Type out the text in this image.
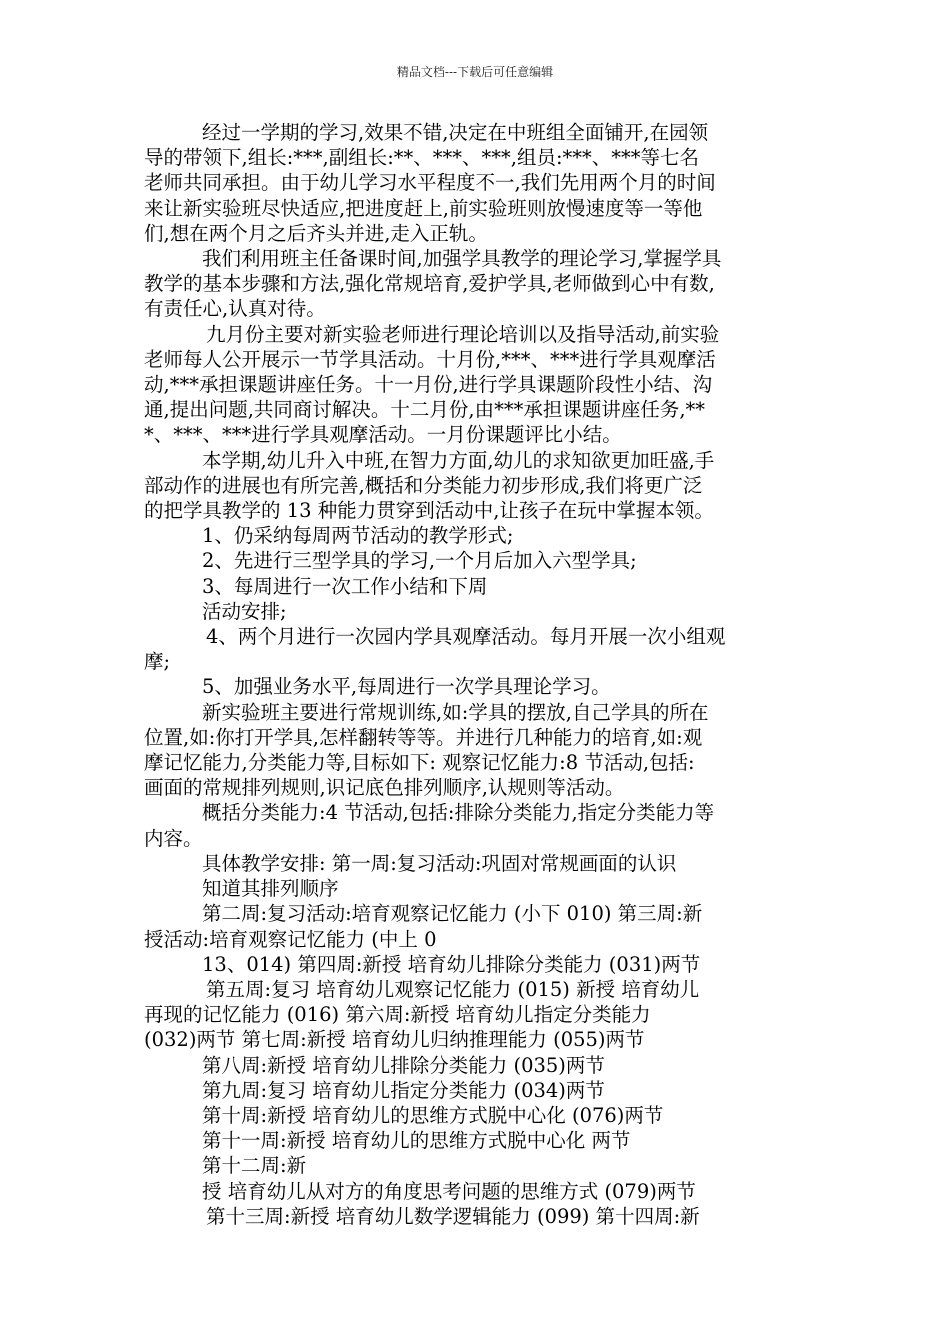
精品文档---下载后可任意编辑
经过一学期的学习,效果不错,决定在中班组全面铺开,在园领
导的带领下,组长:***,副组长:**、***、***,组员:***、***等七名
老师共同承担。由于幼儿学习水平程度不一,我们先用两个月的时间
来让新实验班尽快适应,把进度赶上,前实验班则放慢速度等一等他
们,想在两个月之后齐头并进,走入正轨。
我们利用班主任备课时间,加强学具教学的理论学习,掌握学具
教学的基本步骤和方法,强化常规培育,爱护学具,老师做到心中有数,
有责任心,认真对待。
九月份主要对新实验老师进行理论培训以及指导活动,前实验
老师每人公开展示一节学具活动。十月份,***、***进行学具观摩活
动,***承担课题讲座任务。十一月份,进行学具课题阶段性小结、沟
通,提出问题,共同商讨解决。十二月份,由***承担课题讲座任务,**
*、***、***进行学具观摩活动。一月份课题评比小结。
本学期,幼儿升入中班,在智力方面,幼儿的求知欲更加旺盛,手
部动作的进展也有所完善,概括和分类能力初步形成,我们将更广泛
的把学具教学的 13 种能力贯穿到活动中,让孩子在玩中掌握本领。
1、仍采纳每周两节活动的教学形式;
2、先进行三型学具的学习,一个月后加入六型学具;
3、每周进行一次工作小结和下周
活动安排;
4、两个月进行一次园内学具观摩活动。每月开展一次小组观
摩;
5、加强业务水平,每周进行一次学具理论学习。
新实验班主要进行常规训练,如:学具的摆放,自己学具的所在
位置,如:你打开学具,怎样翻转等等。并进行几种能力的培育,如:观
摩记忆能力,分类能力等,目标如下: 观察记忆能力:8 节活动,包括:
画面的常规排列规则,识记底色排列顺序,认规则等活动。
概括分类能力:4 节活动,包括:排除分类能力,指定分类能力等
内容。
具体教学安排: 第一周:复习活动:巩固对常规画面的认识
知道其排列顺序
第二周:复习活动:培育观察记忆能力 (小下 010) 第三周:新
授活动:培育观察记忆能力 (中上 0
13、014) 第四周:新授 培育幼儿排除分类能力 (031)两节
第五周:复习 培育幼儿观察记忆能力 (015) 新授 培育幼儿
再现的记忆能力 (016) 第六周:新授 培育幼儿指定分类能力
(032)两节 第七周:新授 培育幼儿归纳推理能力 (055)两节
第八周:新授 培育幼儿排除分类能力 (035)两节
第九周:复习 培育幼儿指定分类能力 (034)两节
第十周:新授 培育幼儿的思维方式脱中心化 (076)两节
第十一周:新授 培育幼儿的思维方式脱中心化 两节
第十二周:新
授 培育幼儿从对方的角度思考问题的思维方式 (079)两节
第十三周:新授 培育幼儿数学逻辑能力 (099) 第十四周:新
